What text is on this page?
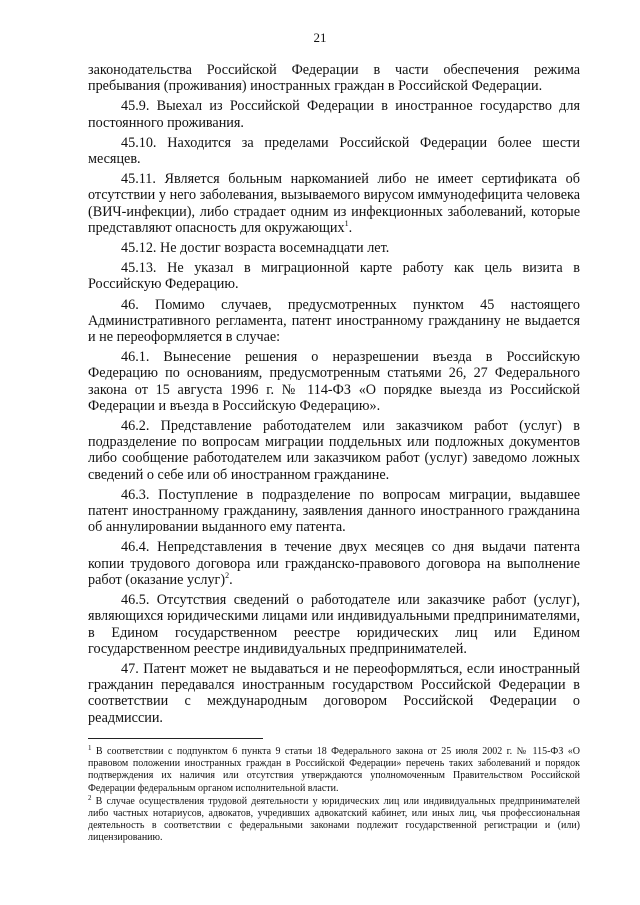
21

законодательства Российской Федерации в части обеспечения режима пребывания (проживания) иностранных граждан в Российской Федерации.

45.9. Выехал из Российской Федерации в иностранное государство для постоянного проживания.

45.10. Находится за пределами Российской Федерации более шести месяцев.

45.11. Является больным наркоманией либо не имеет сертификата об отсутствии у него заболевания, вызываемого вирусом иммунодефицита человека (ВИЧ-инфекции), либо страдает одним из инфекционных заболеваний, которые представляют опасность для окружающих$^1$.

45.12. Не достиг возраста восемнадцати лет.

45.13. Не указал в миграционной карте работу как цель визита в Российскую Федерацию.

46. Помимо случаев, предусмотренных пунктом 45 настоящего Административного регламента, патент иностранному гражданину не выдается и не переоформляется в случае:

46.1. Вынесение решения о неразрешении въезда в Российскую Федерацию по основаниям, предусмотренным статьями 26, 27 Федерального закона от 15 августа 1996 г. № 114-ФЗ «О порядке выезда из Российской Федерации и въезда в Российскую Федерацию».

46.2. Представление работодателем или заказчиком работ (услуг) в подразделение по вопросам миграции поддельных или подложных документов либо сообщение работодателем или заказчиком работ (услуг) заведомо ложных сведений о себе или об иностранном гражданине.

46.3. Поступление в подразделение по вопросам миграции, выдавшее патент иностранному гражданину, заявления данного иностранного гражданина об аннулировании выданного ему патента.

46.4. Непредставления в течение двух месяцев со дня выдачи патента копии трудового договора или гражданско-правового договора на выполнение работ (оказание услуг)$^2$.

46.5. Отсутствия сведений о работодателе или заказчике работ (услуг), являющихся юридическими лицами или индивидуальными предпринимателями, в Едином государственном реестре юридических лиц или Едином государственном реестре индивидуальных предпринимателей.

47. Патент может не выдаваться и не переоформляться, если иностранный гражданин передавался иностранным государством Российской Федерации в соответствии с международным договором Российской Федерации о реадмиссии.

$^1$ В соответствии с подпунктом 6 пункта 9 статьи 18 Федерального закона от 25 июля 2002 г. № 115-ФЗ «О правовом положении иностранных граждан в Российской Федерации» перечень таких заболеваний и порядок подтверждения их наличия или отсутствия утверждаются уполномоченным Правительством Российской Федерации федеральным органом исполнительной власти.

$^2$ В случае осуществления трудовой деятельности у юридических лиц или индивидуальных предпринимателей либо частных нотариусов, адвокатов, учредивших адвокатский кабинет, или иных лиц, чья профессиональная деятельность в соответствии с федеральными законами подлежит государственной регистрации и (или) лицензированию.
